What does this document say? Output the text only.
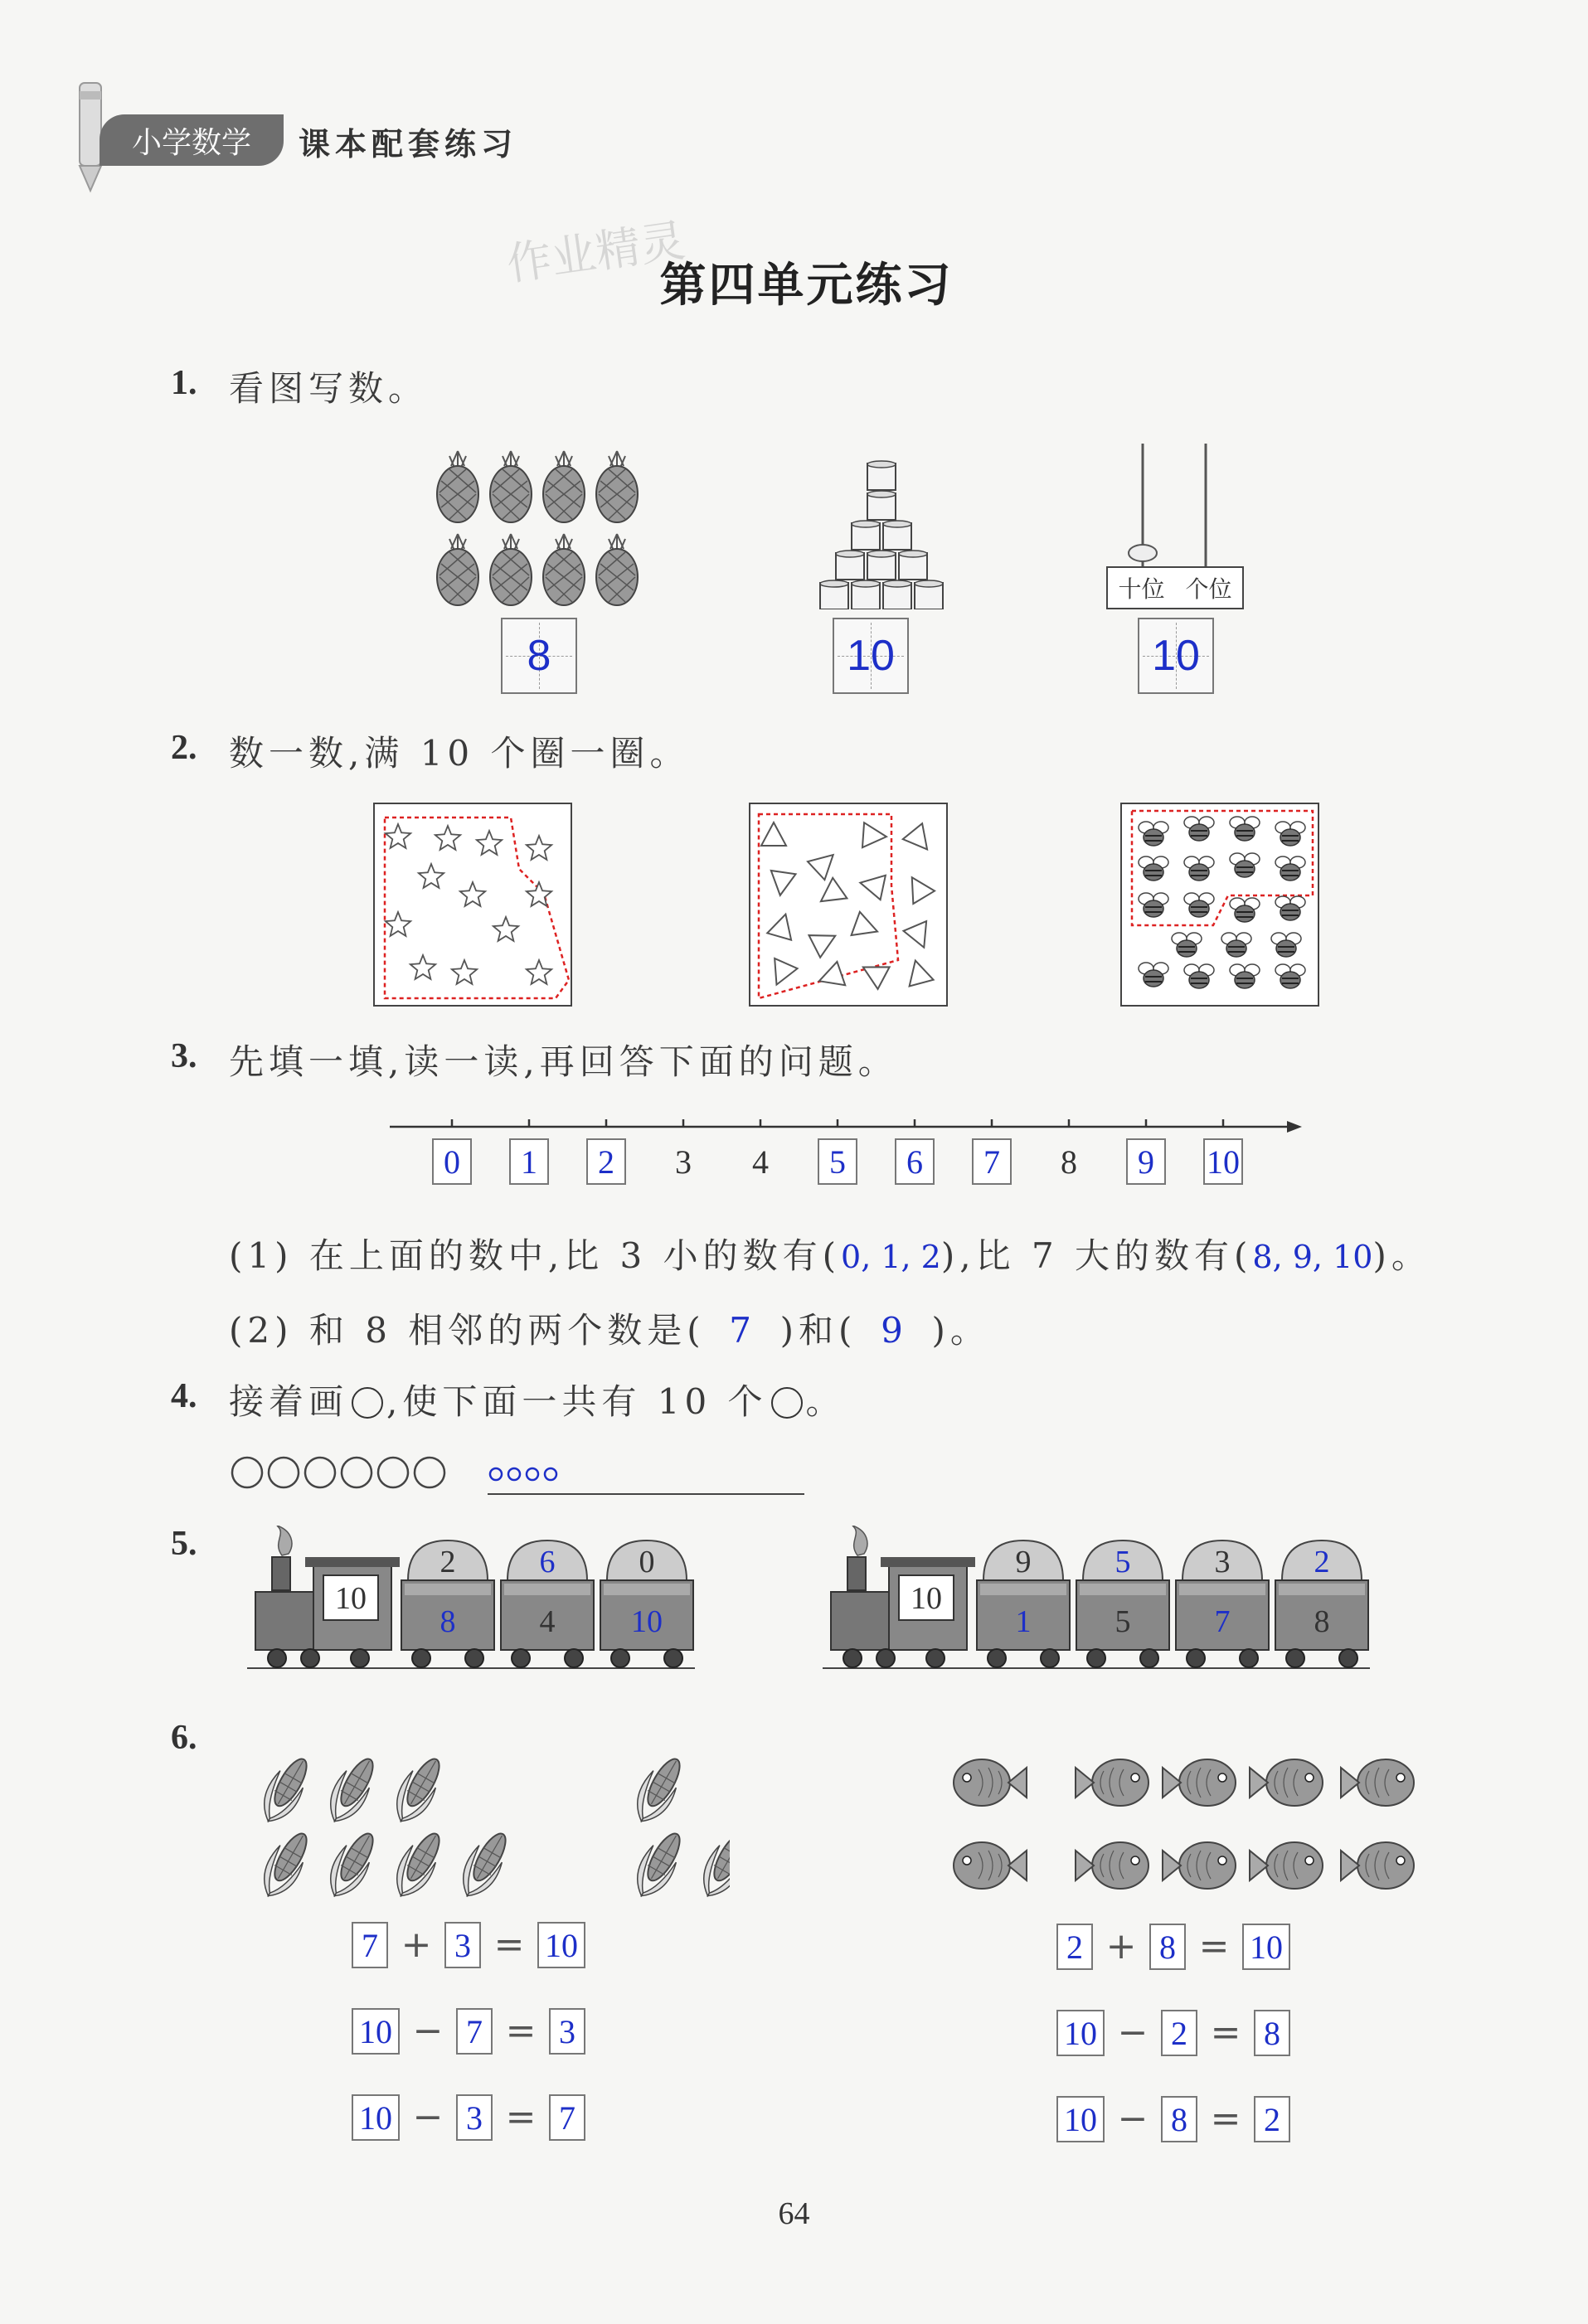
小学数学 课本配套练习
作业精灵
第四单元练习
1. 看图写数。
8	10
十位 个位
10
2. 数一数,满 10 个圈一圈。
3. 先填一填,读一读,再回答下面的问题。
0	1	2	3	4	5	6	7	8	9	10
(1) 在上面的数中,比 3 小的数有(0, 1, 2),比 7 大的数有(8, 9, 10)。
(2) 和 8 相邻的两个数是( 7 )和( 9 )。
4. 接着画 ,使下面一共有 10 个 。
5.
10
2
8
6
4
0
10
10
9
1
5
5
3
7
2
8
6.
7 + 3 = 10
10 − 7 = 3
10 − 3 = 7
2 + 8 = 10
10 − 2 = 8
10 − 8 = 2
64
